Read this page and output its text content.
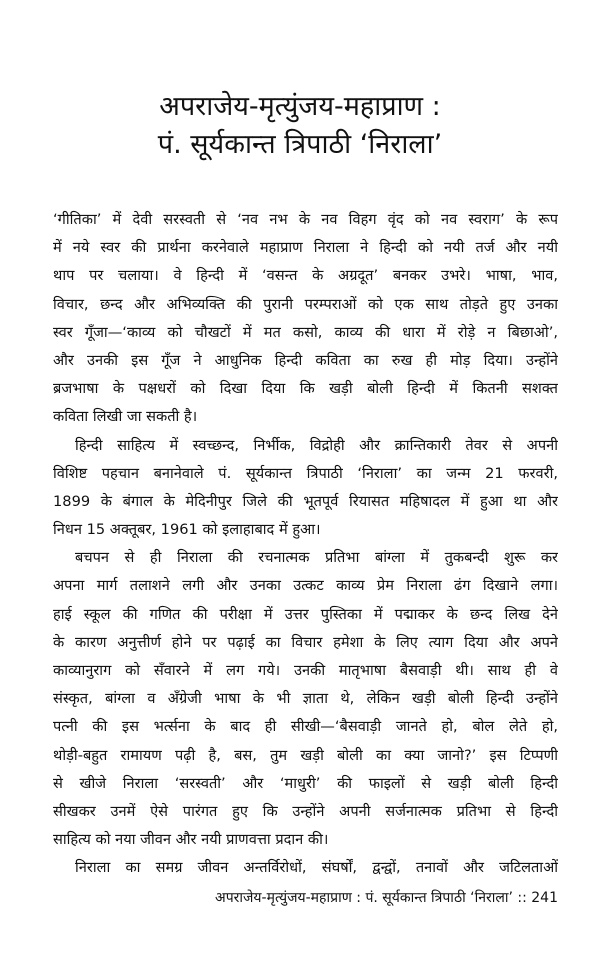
अपराजेय-मृत्युंजय-महाप्राण :
पं. सूर्यकान्त त्रिपाठी ‘निराला’
‘गीतिका’ में देवी सरस्वती से ‘नव नभ के नव विहग वृंद को नव स्वराग’ के रूप
में नये स्वर की प्रार्थना करनेवाले महाप्राण निराला ने हिन्दी को नयी तर्ज और नयी
थाप पर चलाया। वे हिन्दी में ‘वसन्त के अग्रदूत’ बनकर उभरे। भाषा, भाव,
विचार, छन्द और अभिव्यक्ति की पुरानी परम्पराओं को एक साथ तोड़ते हुए उनका
स्वर गूँजा—‘काव्य को चौखटों में मत कसो, काव्य की धारा में रोड़े न बिछाओ’,
और उनकी इस गूँज ने आधुनिक हिन्दी कविता का रुख ही मोड़ दिया। उन्होंने
ब्रजभाषा के पक्षधरों को दिखा दिया कि खड़ी बोली हिन्दी में कितनी सशक्त
कविता लिखी जा सकती है।
हिन्दी साहित्य में स्वच्छन्द, निर्भीक, विद्रोही और क्रान्तिकारी तेवर से अपनी
विशिष्ट पहचान बनानेवाले पं. सूर्यकान्त त्रिपाठी ‘निराला’ का जन्म 21 फरवरी,
1899 के बंगाल के मेदिनीपुर जिले की भूतपूर्व रियासत महिषादल में हुआ था और
निधन 15 अक्तूबर, 1961 को इलाहाबाद में हुआ।
बचपन से ही निराला की रचनात्मक प्रतिभा बांग्ला में तुकबन्दी शुरू कर
अपना मार्ग तलाशने लगी और उनका उत्कट काव्य प्रेम निराला ढंग दिखाने लगा।
हाई स्कूल की गणित की परीक्षा में उत्तर पुस्तिका में पद्माकर के छन्द लिख देने
के कारण अनुत्तीर्ण होने पर पढ़ाई का विचार हमेशा के लिए त्याग दिया और अपने
काव्यानुराग को सँवारने में लग गये। उनकी मातृभाषा बैसवाड़ी थी। साथ ही वे
संस्कृत, बांग्ला व अँग्रेजी भाषा के भी ज्ञाता थे, लेकिन खड़ी बोली हिन्दी उन्होंने
पत्नी की इस भर्त्सना के बाद ही सीखी—‘बैसवाड़ी जानते हो, बोल लेते हो,
थोड़ी-बहुत रामायण पढ़ी है, बस, तुम खड़ी बोली का क्या जानो?’ इस टिप्पणी
से खीजे निराला ‘सरस्वती’ और ‘माधुरी’ की फाइलों से खड़ी बोली हिन्दी
सीखकर उनमें ऐसे पारंगत हुए कि उन्होंने अपनी सर्जनात्मक प्रतिभा से हिन्दी
साहित्य को नया जीवन और नयी प्राणवत्ता प्रदान की।
निराला का समग्र जीवन अन्तर्विरोधों, संघर्षों, द्वन्द्वों, तनावों और जटिलताओं
अपराजेय-मृत्युंजय-महाप्राण : पं. सूर्यकान्त त्रिपाठी ‘निराला’ :: 241
